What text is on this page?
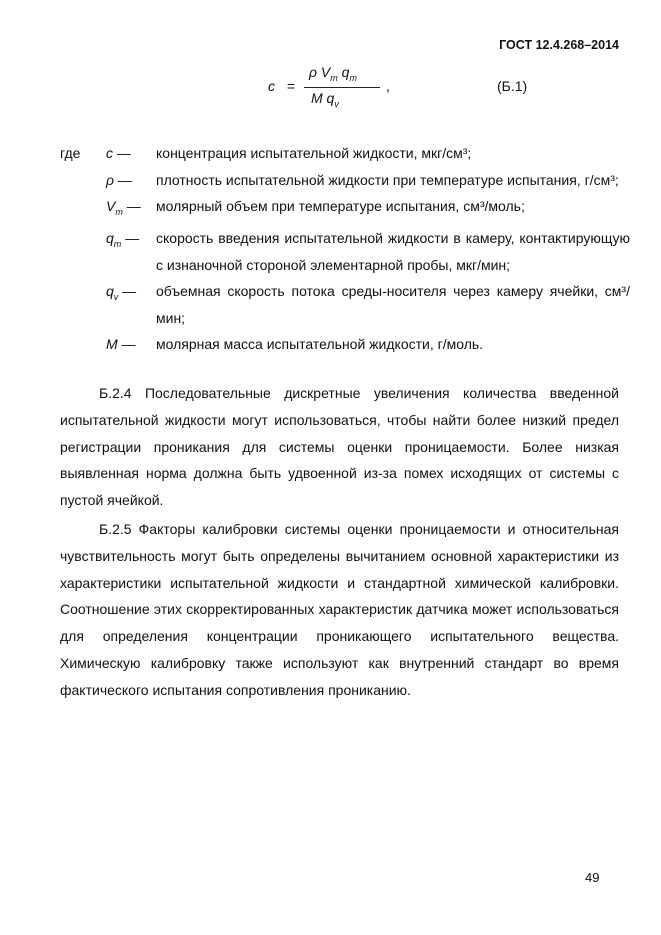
ГОСТ 12.4.268–2014
c =
ρ $V_m$ $q_m$
M $q_v$
,	(Б.1)
где	c —	концентрация испытательной жидкости, мкг/см³;
ρ —	плотность испытательной жидкости при температуре испытания, г/см³;
$V_m$ —	молярный объем при температуре испытания, см³/моль;
$q_m$ —	скорость введения испытательной жидкости в камеру, контактирующую с изнаночной стороной элементарной пробы, мкг/мин;
$q_v$ —	объемная скорость потока среды-носителя через камеру ячейки, см³/мин;
M —	молярная масса испытательной жидкости, г/моль.

Б.2.4 Последовательные дискретные увеличения количества введенной испытательной жидкости могут использоваться, чтобы найти более низкий предел регистрации проникания для системы оценки проницаемости. Более низкая выявленная норма должна быть удвоенной из-за помех исходящих от системы с пустой ячейкой.

Б.2.5 Факторы калибровки системы оценки проницаемости и относительная чувствительность могут быть определены вычитанием основной характеристики из характеристики испытательной жидкости и стандартной химической калибровки. Соотношение этих скорректированных характеристик датчика может использоваться для определения концентрации проникающего испытательного вещества. Химическую калибровку также используют как внутренний стандарт во время фактического испытания сопротивления прониканию.

49
